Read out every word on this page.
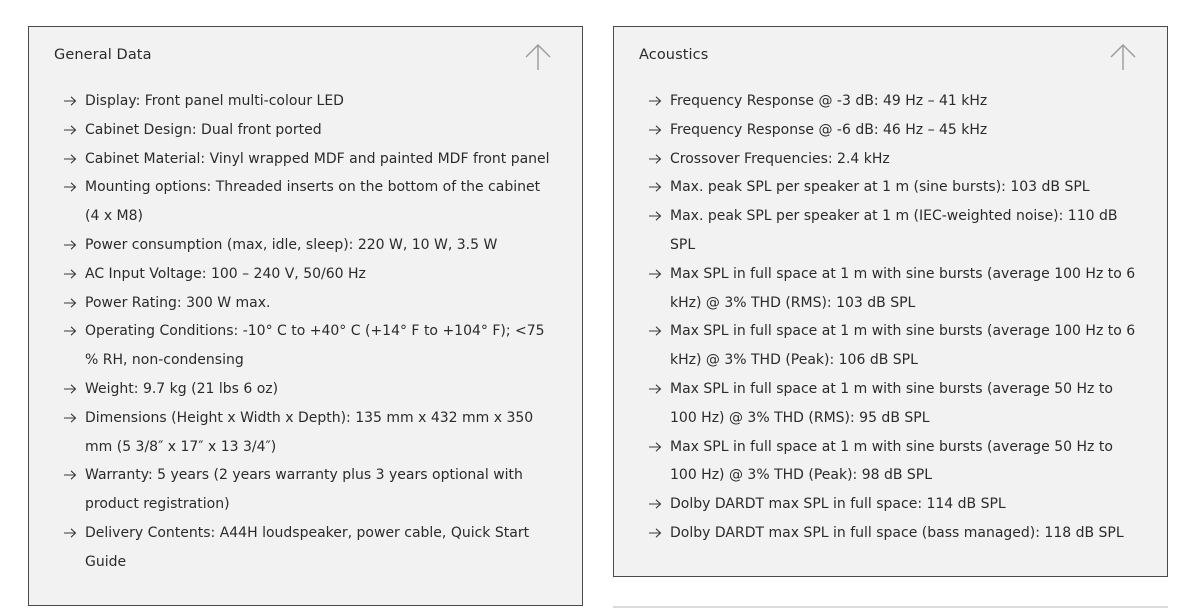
General Data
Display: Front panel multi-colour LED
Cabinet Design: Dual front ported
Cabinet Material: Vinyl wrapped MDF and painted MDF front panel
Mounting options: Threaded inserts on the bottom of the cabinet (4 x M8)
Power consumption (max, idle, sleep): 220 W, 10 W, 3.5 W
AC Input Voltage: 100 – 240 V, 50/60 Hz
Power Rating: 300 W max.
Operating Conditions: -10° C to +40° C (+14° F to +104° F); <75 % RH, non-condensing
Weight: 9.7 kg (21 lbs 6 oz)
Dimensions (Height x Width x Depth): 135 mm x 432 mm x 350 mm (5 3/8″ x 17″ x 13 3/4″)
Warranty: 5 years (2 years warranty plus 3 years optional with product registration)
Delivery Contents: A44H loudspeaker, power cable, Quick Start Guide
Acoustics
Frequency Response @ -3 dB: 49 Hz – 41 kHz
Frequency Response @ -6 dB: 46 Hz – 45 kHz
Crossover Frequencies: 2.4 kHz
Max. peak SPL per speaker at 1 m (sine bursts): 103 dB SPL
Max. peak SPL per speaker at 1 m (IEC-weighted noise): 110 dB SPL
Max SPL in full space at 1 m with sine bursts (average 100 Hz to 6 kHz) @ 3% THD (RMS): 103 dB SPL
Max SPL in full space at 1 m with sine bursts (average 100 Hz to 6 kHz) @ 3% THD (Peak): 106 dB SPL
Max SPL in full space at 1 m with sine bursts (average 50 Hz to 100 Hz) @ 3% THD (RMS): 95 dB SPL
Max SPL in full space at 1 m with sine bursts (average 50 Hz to 100 Hz) @ 3% THD (Peak): 98 dB SPL
Dolby DARDT max SPL in full space: 114 dB SPL
Dolby DARDT max SPL in full space (bass managed): 118 dB SPL
